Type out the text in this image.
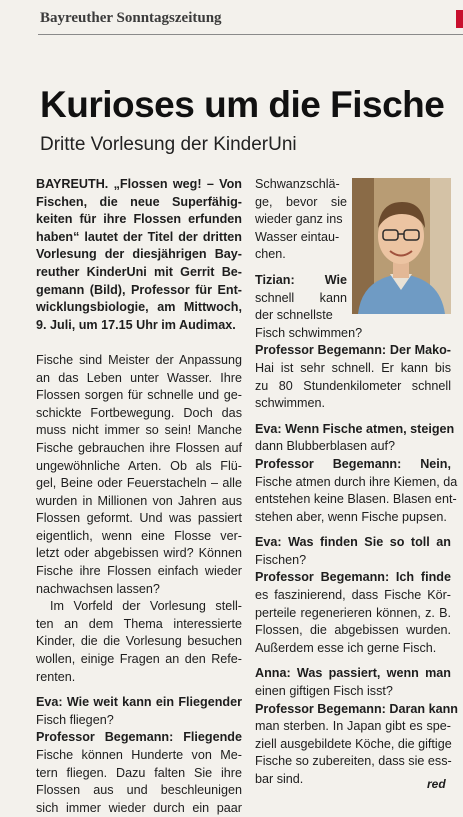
Bayreuther Sonntagszeitung
Kurioses um die Fische
Dritte Vorlesung der KinderUni
BAYREUTH. „Flossen weg! – Von
Fischen, die neue Superfähig-
keiten für ihre Flossen erfunden
haben“ lautet der Titel der dritten
Vorlesung der diesjährigen Bay-
reuther KinderUni mit Gerrit Be-
gemann (Bild), Professor für Ent-
wicklungsbiologie, am Mittwoch,
9. Juli, um 17.15 Uhr im Audimax.
Fische sind Meister der Anpassung
an das Leben unter Wasser. Ihre
Flossen sorgen für schnelle und ge-
schickte Fortbewegung. Doch das
muss nicht immer so sein! Manche
Fische gebrauchen ihre Flossen auf
ungewöhnliche Arten. Ob als Flü-
gel, Beine oder Feuerstacheln – alle
wurden in Millionen von Jahren aus
Flossen geformt. Und was passiert
eigentlich, wenn eine Flosse ver-
letzt oder abgebissen wird? Können
Fische ihre Flossen einfach wieder
nachwachsen lassen?
Im Vorfeld der Vorlesung stell-
ten an dem Thema interessierte
Kinder, die die Vorlesung besuchen
wollen, einige Fragen an den Refe-
renten.
Eva: Wie weit kann ein Fliegender
Fisch fliegen?
Professor Begemann: Fliegende
Fische können Hunderte von Me-
tern fliegen. Dazu falten Sie ihre
Flossen aus und beschleunigen
sich immer wieder durch ein paar
Schwanzschlä-
ge, bevor sie
wieder ganz ins
Wasser eintau-
chen.
Tizian: Wie
schnell kann
der schnellste
Fisch schwimmen?
Professor Begemann: Der Mako-
Hai ist sehr schnell. Er kann bis
zu 80 Stundenkilometer schnell
schwimmen.
Eva: Wenn Fische atmen, steigen
dann Blubberblasen auf?
Professor Begemann: Nein,
Fische atmen durch ihre Kiemen, da
entstehen keine Blasen. Blasen ent-
stehen aber, wenn Fische pupsen.
Eva: Was finden Sie so toll an
Fischen?
Professor Begemann: Ich finde
es faszinierend, dass Fische Kör-
perteile regenerieren können, z. B.
Flossen, die abgebissen wurden.
Außerdem esse ich gerne Fisch.
Anna: Was passiert, wenn man
einen giftigen Fisch isst?
Professor Begemann: Daran kann
man sterben. In Japan gibt es spe-
ziell ausgebildete Köche, die giftige
Fische so zubereiten, dass sie ess-
bar sind.	red
